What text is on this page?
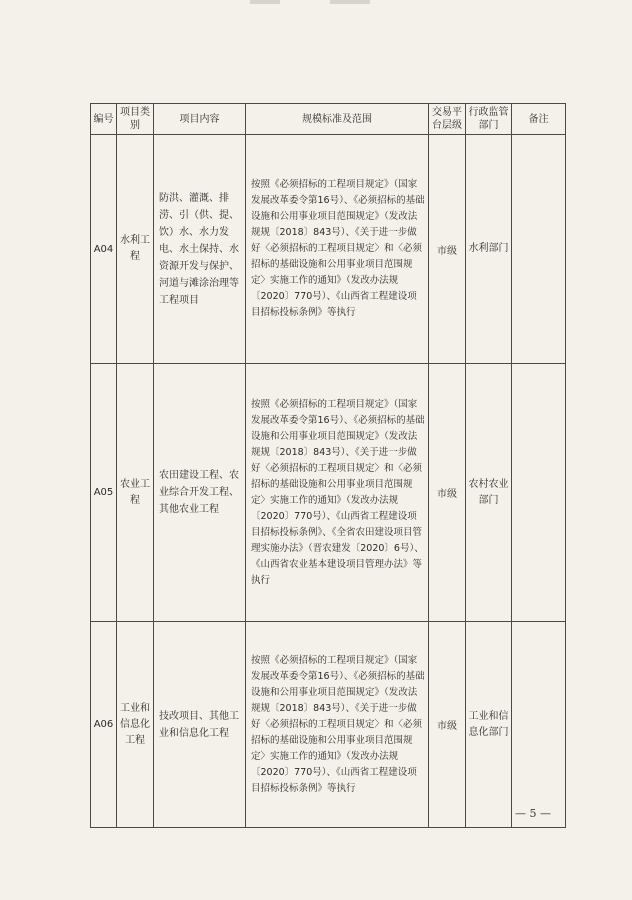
编号	项目类别	项目内容	规模标准及范围	交易平台层级	行政监管部门	备注
A04	水利工程	防洪、灌溉、排涝、引（供、提、饮）水、水力发电、水土保持、水资源开发与保护、河道与滩涂治理等工程项目	按照《必须招标的工程项目规定》（国家发展改革委令第16号）、《必须招标的基础设施和公用事业项目范围规定》（发改法规规〔2018〕843号）、《关于进一步做好〈必须招标的工程项目规定〉和〈必须招标的基础设施和公用事业项目范围规定〉实施工作的通知》（发改办法规〔2020〕770号）、《山西省工程建设项目招标投标条例》等执行	市级	水利部门	
A05	农业工程	农田建设工程、农业综合开发工程、其他农业工程	按照《必须招标的工程项目规定》（国家发展改革委令第16号）、《必须招标的基础设施和公用事业项目范围规定》（发改法规规〔2018〕843号）、《关于进一步做好〈必须招标的工程项目规定〉和〈必须招标的基础设施和公用事业项目范围规定〉实施工作的通知》（发改办法规〔2020〕770号）、《山西省工程建设项目招标投标条例》、《全省农田建设项目管理实施办法》（晋农建发〔2020〕6号）、《山西省农业基本建设项目管理办法》等执行	市级	农村农业部门	
A06	工业和信息化工程	技改项目、其他工业和信息化工程	按照《必须招标的工程项目规定》（国家发展改革委令第16号）、《必须招标的基础设施和公用事业项目范围规定》（发改法规规〔2018〕843号）、《关于进一步做好〈必须招标的工程项目规定〉和〈必须招标的基础设施和公用事业项目范围规定〉实施工作的通知》（发改办法规〔2020〕770号）、《山西省工程建设项目招标投标条例》等执行	市级	工业和信息化部门	
— 5 —
